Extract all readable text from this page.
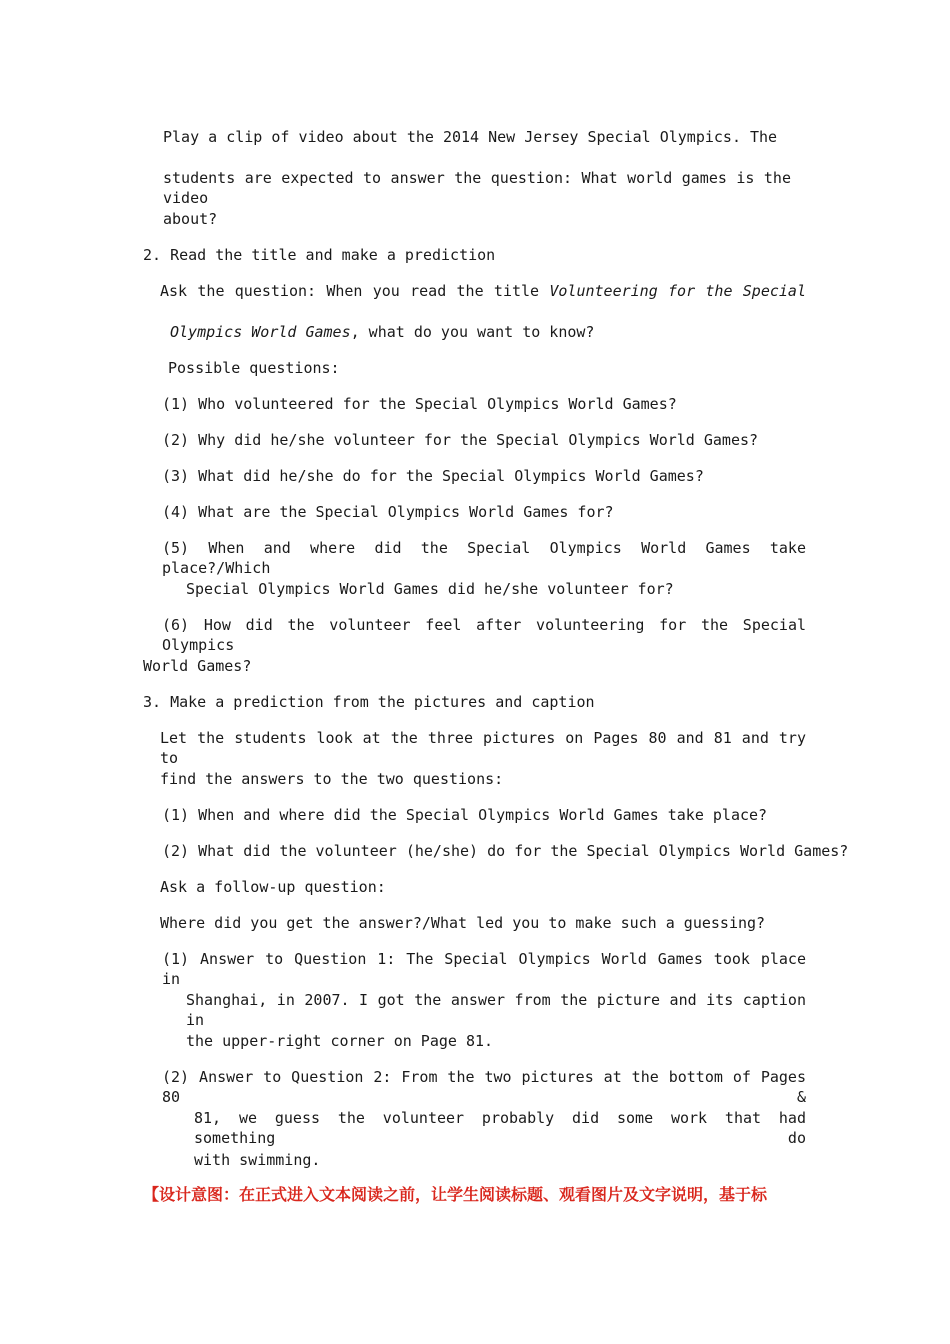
Play a clip of video about the 2014 New Jersey Special Olympics. The
students are expected to answer the question: What world games is the video
about?
2. Read the title and make a prediction
Ask the question: When you read the title Volunteering for the Special
Olympics World Games, what do you want to know?
Possible questions:
(1) Who volunteered for the Special Olympics World Games?
(2) Why did he/she volunteer for the Special Olympics World Games?
(3) What did he/she do for the Special Olympics World Games?
(4) What are the Special Olympics World Games for?
(5) When and where did the Special Olympics World Games take place?/Which
Special Olympics World Games did he/she volunteer for?
(6) How did the volunteer feel after volunteering for the Special Olympics
World Games?
3. Make a prediction from the pictures and caption
Let the students look at the three pictures on Pages 80 and 81 and try to
find the answers to the two questions:
(1) When and where did the Special Olympics World Games take place?
(2) What did the volunteer (he/she) do for the Special Olympics World Games?
Ask a follow-up question:
Where did you get the answer?/What led you to make such a guessing?
(1) Answer to Question 1: The Special Olympics World Games took place in
Shanghai, in 2007. I got the answer from the picture and its caption in
the upper-right corner on Page 81.
(2) Answer to Question 2: From the two pictures at the bottom of Pages 80 &
81, we guess the volunteer probably did some work that had something do
with swimming.
【设计意图：在正式进入文本阅读之前，让学生阅读标题、观看图片及文字说明，基于标
